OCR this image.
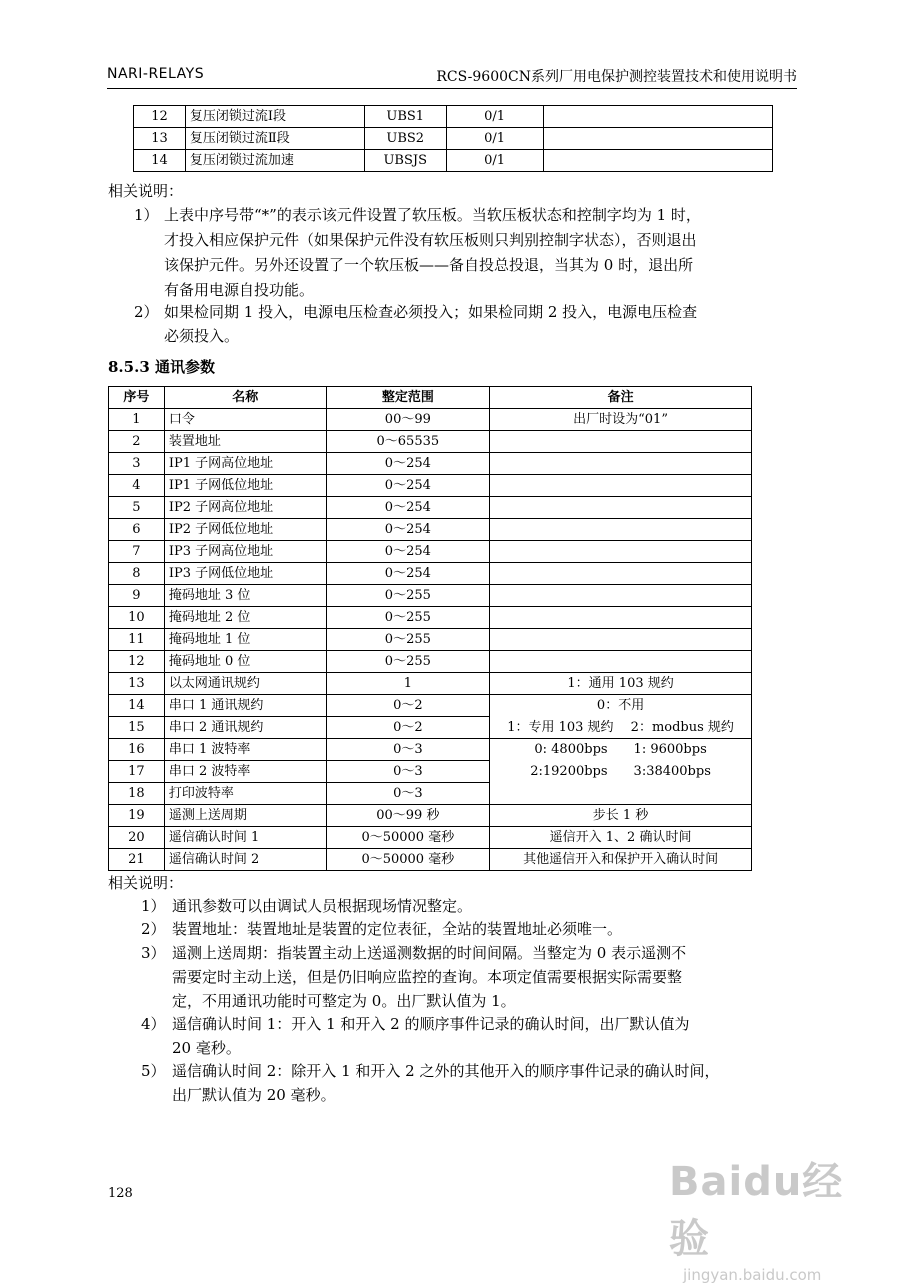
NARI-RELAYS	RCS-9600CN系列厂用电保护测控装置技术和使用说明书
12	复压闭锁过流Ⅰ段	UBS1	0/1	
13	复压闭锁过流Ⅱ段	UBS2	0/1	
14	复压闭锁过流加速	UBSJS	0/1	
相关说明：
1） 上表中序号带“*”的表示该元件设置了软压板。当软压板状态和控制字均为 1 时，
才投入相应保护元件（如果保护元件没有软压板则只判别控制字状态），否则退出
该保护元件。另外还设置了一个软压板——备自投总投退，当其为 0 时，退出所
有备用电源自投功能。
2） 如果检同期 1 投入，电源电压检查必须投入；如果检同期 2 投入，电源电压检查
必须投入。
8.5.3 通讯参数
序号	名称	整定范围	备注
1	口令	00～99	出厂时设为“01”
2	装置地址	0～65535	
3	IP1 子网高位地址	0～254	
4	IP1 子网低位地址	0～254	
5	IP2 子网高位地址	0～254	
6	IP2 子网低位地址	0～254	
7	IP3 子网高位地址	0～254	
8	IP3 子网低位地址	0～254	
9	掩码地址 3 位	0～255	
10	掩码地址 2 位	0～255	
11	掩码地址 1 位	0～255	
12	掩码地址 0 位	0～255	
13	以太网通讯规约	1	1：通用 103 规约
14	串口 1 通讯规约	0～2	0：不用
15	串口 2 通讯规约	0～2	1：专用 103 规约　 2：modbus 规约
16	串口 1 波特率	0～3	0: 4800bps　　1: 9600bps
17	串口 2 波特率	0～3	2:19200bps　　3:38400bps
18	打印波特率	0～3	
19	遥测上送周期	00～99 秒	步长 1 秒
20	遥信确认时间 1	0～50000 毫秒	遥信开入 1、2 确认时间
21	遥信确认时间 2	0～50000 毫秒	其他遥信开入和保护开入确认时间
相关说明：
1） 通讯参数可以由调试人员根据现场情况整定。
2） 装置地址：装置地址是装置的定位表征，全站的装置地址必须唯一。
3） 遥测上送周期：指装置主动上送遥测数据的时间间隔。当整定为 0 表示遥测不
需要定时主动上送，但是仍旧响应监控的查询。本项定值需要根据实际需要整
定，不用通讯功能时可整定为 0。出厂默认值为 1。
4） 遥信确认时间 1：开入 1 和开入 2 的顺序事件记录的确认时间，出厂默认值为
20 毫秒。
5） 遥信确认时间 2：除开入 1 和开入 2 之外的其他开入的顺序事件记录的确认时间，
出厂默认值为 20 毫秒。
128	Baidu经验
jingyan.baidu.com
